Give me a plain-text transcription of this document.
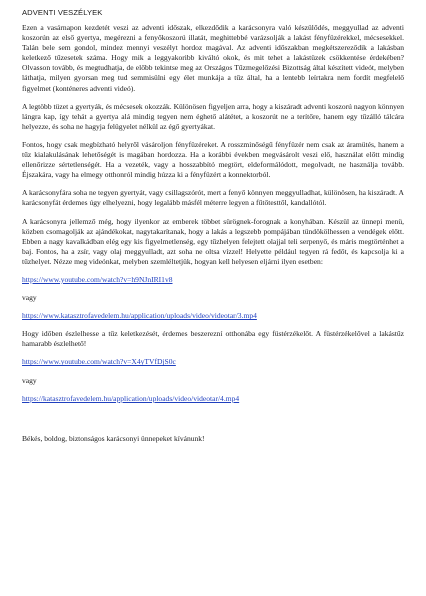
ADVENTI VESZÉLYEK

Ezen a vasárnapon kezdetét veszi az adventi időszak, elkezdődik a karácsonyra való készülődés, meggyullad az adventi koszorún az első gyertya, megérezni a fenyőkoszorú illatát, meghittebbé varázsolják a lakást fényfüzérekkel, mécsesekkel. Talán bele sem gondol, mindez mennyi veszélyt hordoz magával. Az adventi időszakban megkétszereződik a lakásban keletkező tűzesetek száma. Hogy mik a leggyakoribb kiváltó okok, és mit tehet a lakástüzek csökkentése érdekében? Olvasson tovább, és megtudhatja, de előbb tekintse meg az Országos Tűzmegelőzési Bizottság által készített videót, melyben láthatja, milyen gyorsan meg tud semmisülni egy élet munkája a tűz által, ha a lentebb leírtakra nem fordít megfelelő figyelmet (konténeres adventi videó).

A legtöbb tüzet a gyertyák, és mécsesek okozzák. Különösen figyeljen arra, hogy a kiszáradt adventi koszorú nagyon könnyen lángra kap, így tehát a gyertya alá mindig tegyen nem éghető alátétet, a koszorút ne a terítőre, hanem egy tűzálló tálcára helyezze, és soha ne hagyja felügyelet nélkül az égő gyertyákat.

Fontos, hogy csak megbízható helyről vásároljon fényfüzéreket. A rosszminőségű fényfüzér nem csak az áramütés, hanem a tűz kialakulásának lehetőségét is magában hordozza. Ha a korábbi években megvásárolt veszi elő, használat előtt mindig ellenőrizze sértetlenségét. Ha a vezeték, vagy a hosszabbító megtört, eldeformálódott, megolvadt, ne használja tovább. Éjszakára, vagy ha elmegy otthonról mindig húzza ki a fényfüzért a konnektorból.

A karácsonyfára soha ne tegyen gyertyát, vagy csillagszórót, mert a fenyő könnyen meggyulladhat, különösen, ha kiszáradt. A karácsonyfát érdemes úgy elhelyezni, hogy legalább másfél méterre legyen a fűtőtesttől, kandallótól.

A karácsonyra jellemző még, hogy ilyenkor az emberek többet sürögnek-forognak a konyhában. Készül az ünnepi menü, közben csomagolják az ajándékokat, nagytakarítanak, hogy a lakás a legszebb pompájában tündökölhessen a vendégek előtt. Ebben a nagy kavalkádban elég egy kis figyelmetlenség, egy tűzhelyen felejtett olajjal teli serpenyő, és máris megtörténhet a baj. Fontos, ha a zsír, vagy olaj meggyulladt, azt soha ne oltsa vízzel! Helyette például tegyen rá fedőt, és kapcsolja ki a tűzhelyet. Nézze meg videónkat, melyben szemléltetjük, hogyan kell helyesen eljárni ilyen esetben:

https://www.youtube.com/watch?v=h9NJnIRI1v8
vagy
https://www.katasztrofavedelem.hu/application/uploads/video/videotar/3.mp4

Hogy időben észlelhesse a tűz keletkezését, érdemes beszerezní otthonába egy füstérzékelőt. A füstérzékelővel a lakástűz hamarabb észlelhető!

https://www.youtube.com/watch?v=X4yTVfDjS0c
vagy
https://katasztrofavedelem.hu/application/uploads/video/videotar/4.mp4
Békés, boldog, biztonságos karácsonyi ünnepeket kívánunk!
